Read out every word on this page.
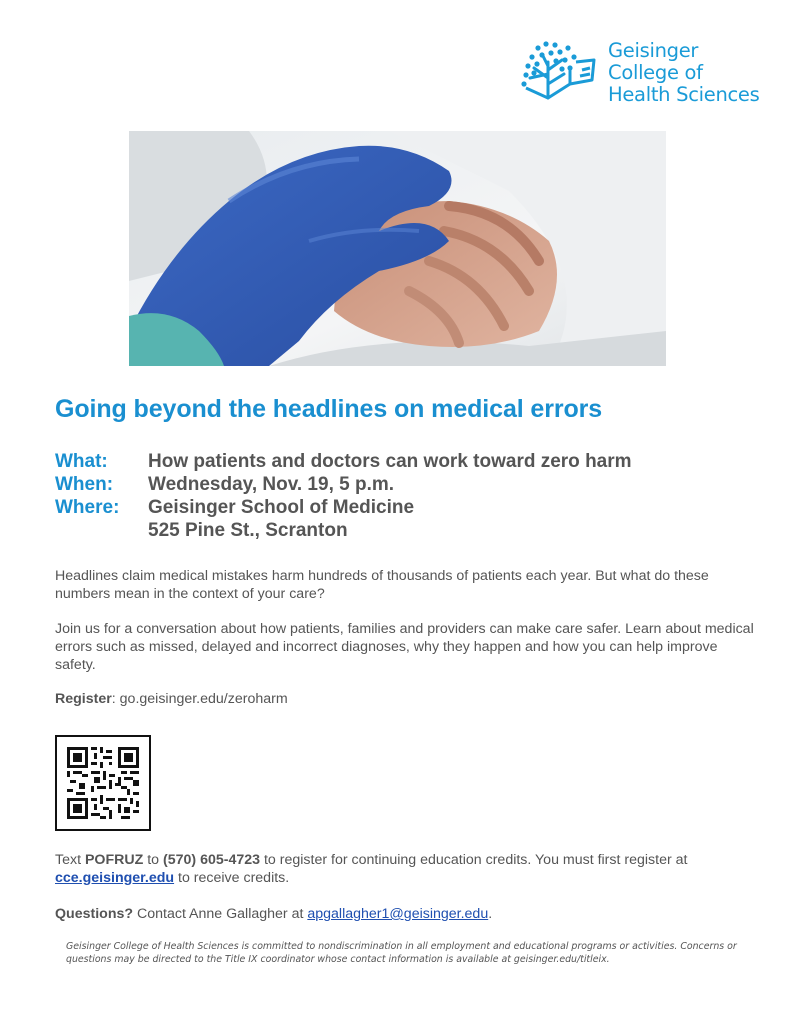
Geisinger
College of
Health Sciences
Going beyond the headlines on medical errors
What:	How patients and doctors can work toward zero harm
When:	Wednesday, Nov. 19, 5 p.m.
Where:	Geisinger School of Medicine
525 Pine St., Scranton
Headlines claim medical mistakes harm hundreds of thousands of patients each year. But what do these numbers mean in the context of your care?
Join us for a conversation about how patients, families and providers can make care safer. Learn about medical errors such as missed, delayed and incorrect diagnoses, why they happen and how you can help improve safety.
Register: go.geisinger.edu/zeroharm
Text POFRUZ to (570) 605-4723 to register for continuing education credits. You must first register at cce.geisinger.edu to receive credits.
Questions? Contact Anne Gallagher at apgallagher1@geisinger.edu.
Geisinger College of Health Sciences is committed to nondiscrimination in all employment and educational programs or activities. Concerns or questions may be directed to the Title IX coordinator whose contact information is available at geisinger.edu/titleix.
